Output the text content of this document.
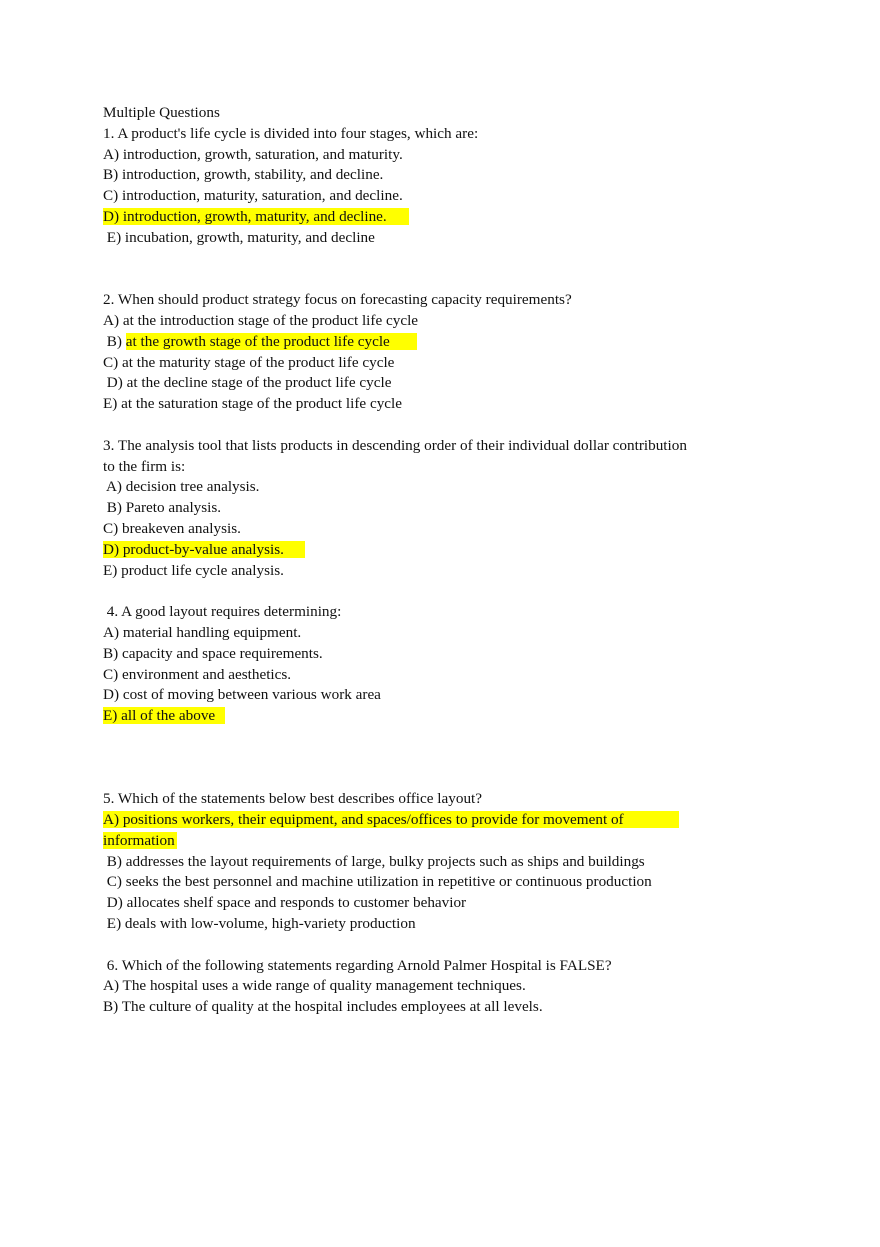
Multiple Questions
1. A product's life cycle is divided into four stages, which are:
A) introduction, growth, saturation, and maturity.
B) introduction, growth, stability, and decline.
C) introduction, maturity, saturation, and decline.
D) introduction, growth, maturity, and decline.
E) incubation, growth, maturity, and decline
2. When should product strategy focus on forecasting capacity requirements?
A) at the introduction stage of the product life cycle
B) at the growth stage of the product life cycle
C) at the maturity stage of the product life cycle
D) at the decline stage of the product life cycle
E) at the saturation stage of the product life cycle
3. The analysis tool that lists products in descending order of their individual dollar contribution
to the firm is:
A) decision tree analysis.
B) Pareto analysis.
C) breakeven analysis.
D) product-by-value analysis.
E) product life cycle analysis.
4. A good layout requires determining:
A) material handling equipment.
B) capacity and space requirements.
C) environment and aesthetics.
D) cost of moving between various work area
E) all of the above
5. Which of the statements below best describes office layout?
A) positions workers, their equipment, and spaces/offices to provide for movement of
information
B) addresses the layout requirements of large, bulky projects such as ships and buildings
C) seeks the best personnel and machine utilization in repetitive or continuous production
D) allocates shelf space and responds to customer behavior
E) deals with low-volume, high-variety production
6. Which of the following statements regarding Arnold Palmer Hospital is FALSE?
A) The hospital uses a wide range of quality management techniques.
B) The culture of quality at the hospital includes employees at all levels.
